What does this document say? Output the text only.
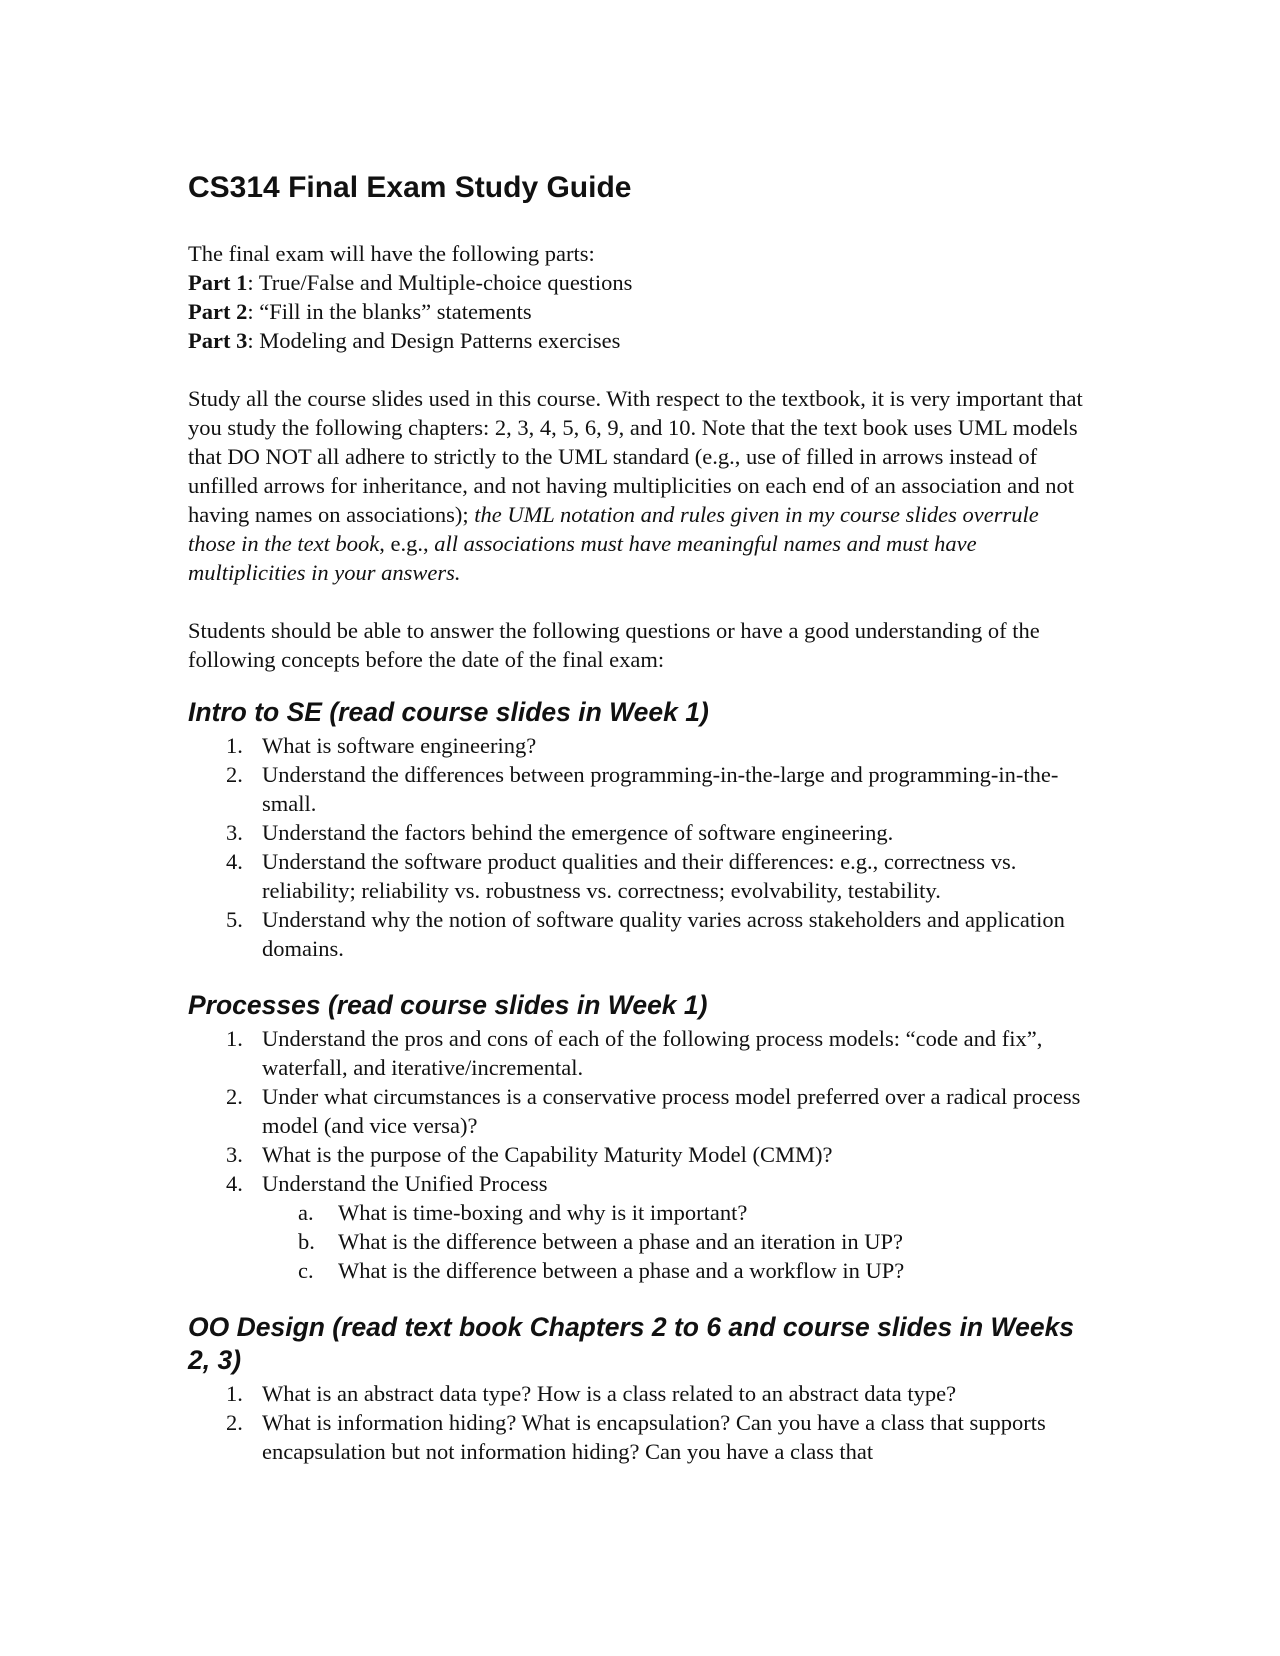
CS314 Final Exam Study Guide
The final exam will have the following parts:
Part 1: True/False and Multiple-choice questions
Part 2: “Fill in the blanks” statements
Part 3: Modeling and Design Patterns exercises

Study all the course slides used in this course. With respect to the textbook, it is very important that you study the following chapters: 2, 3, 4, 5, 6, 9, and 10. Note that the text book uses UML models that DO NOT all adhere to strictly to the UML standard (e.g., use of filled in arrows instead of unfilled arrows for inheritance, and not having multiplicities on each end of an association and not having names on associations); the UML notation and rules given in my course slides overrule those in the text book, e.g., all associations must have meaningful names and must have multiplicities in your answers.

Students should be able to answer the following questions or have a good understanding of the following concepts before the date of the final exam:

Intro to SE (read course slides in Week 1)
1. What is software engineering?
2. Understand the differences between programming-in-the-large and programming-in-the-small.
3. Understand the factors behind the emergence of software engineering.
4. Understand the software product qualities and their differences: e.g., correctness vs. reliability; reliability vs. robustness vs. correctness; evolvability, testability.
5. Understand why the notion of software quality varies across stakeholders and application domains.
Processes (read course slides in Week 1)
1. Understand the pros and cons of each of the following process models: “code and fix”, waterfall, and iterative/incremental.
2. Under what circumstances is a conservative process model preferred over a radical process model (and vice versa)?
3. What is the purpose of the Capability Maturity Model (CMM)?
4. Understand the Unified Process
a. What is time-boxing and why is it important?
b. What is the difference between a phase and an iteration in UP?
c. What is the difference between a phase and a workflow in UP?
OO Design (read text book Chapters 2 to 6 and course slides in Weeks 2, 3)
1. What is an abstract data type? How is a class related to an abstract data type?
2. What is information hiding? What is encapsulation? Can you have a class that supports encapsulation but not information hiding? Can you have a class that
